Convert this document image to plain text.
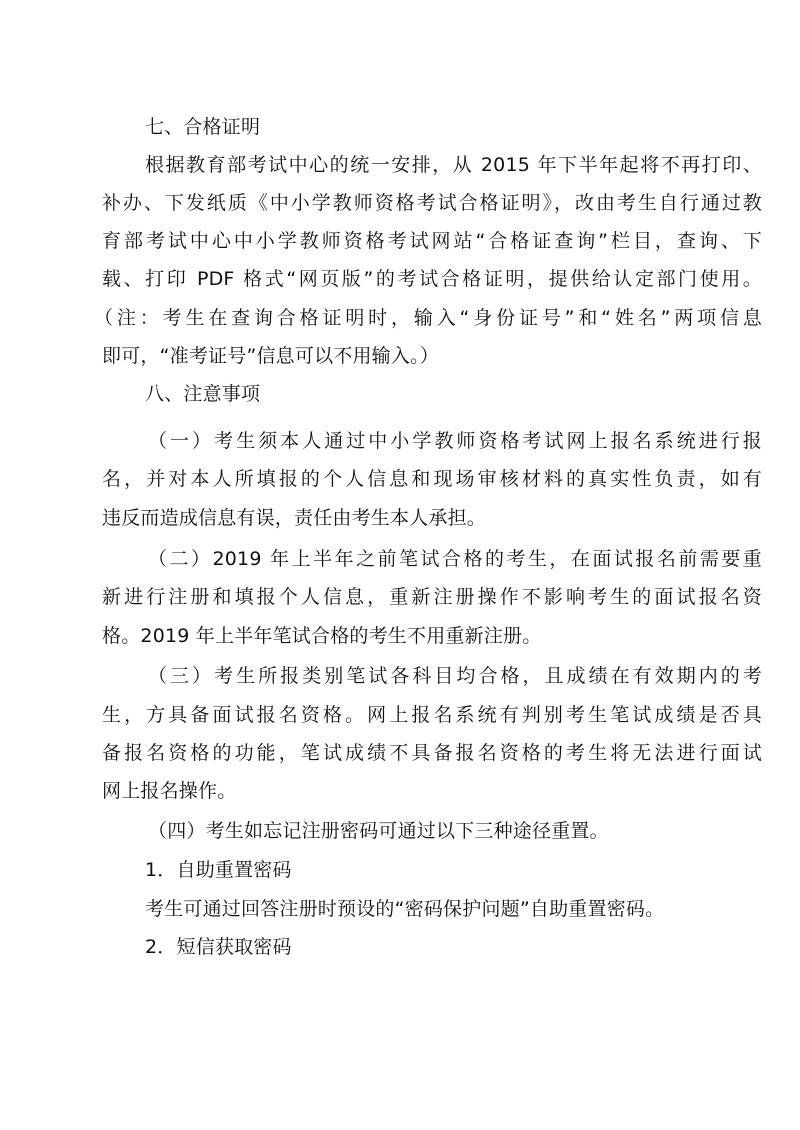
七、合格证明
根据教育部考试中心的统一安排，从 2015 年下半年起将不再打印、
补办、下发纸质《中小学教师资格考试合格证明》，改由考生自行通过教
育部考试中心中小学教师资格考试网站“合格证查询”栏目，查询、下
载、打印 PDF 格式“网页版”的考试合格证明，提供给认定部门使用。
（注：考生在查询合格证明时，输入“身份证号”和“姓名”两项信息
即可，“准考证号”信息可以不用输入。）
八、注意事项
（一）考生须本人通过中小学教师资格考试网上报名系统进行报
名，并对本人所填报的个人信息和现场审核材料的真实性负责，如有
违反而造成信息有误，责任由考生本人承担。
（二）2019 年上半年之前笔试合格的考生，在面试报名前需要重
新进行注册和填报个人信息，重新注册操作不影响考生的面试报名资
格。2019 年上半年笔试合格的考生不用重新注册。
（三）考生所报类别笔试各科目均合格，且成绩在有效期内的考
生，方具备面试报名资格。网上报名系统有判别考生笔试成绩是否具
备报名资格的功能，笔试成绩不具备报名资格的考生将无法进行面试
网上报名操作。
（四）考生如忘记注册密码可通过以下三种途径重置。
1．自助重置密码
考生可通过回答注册时预设的“密码保护问题”自助重置密码。
2．短信获取密码
